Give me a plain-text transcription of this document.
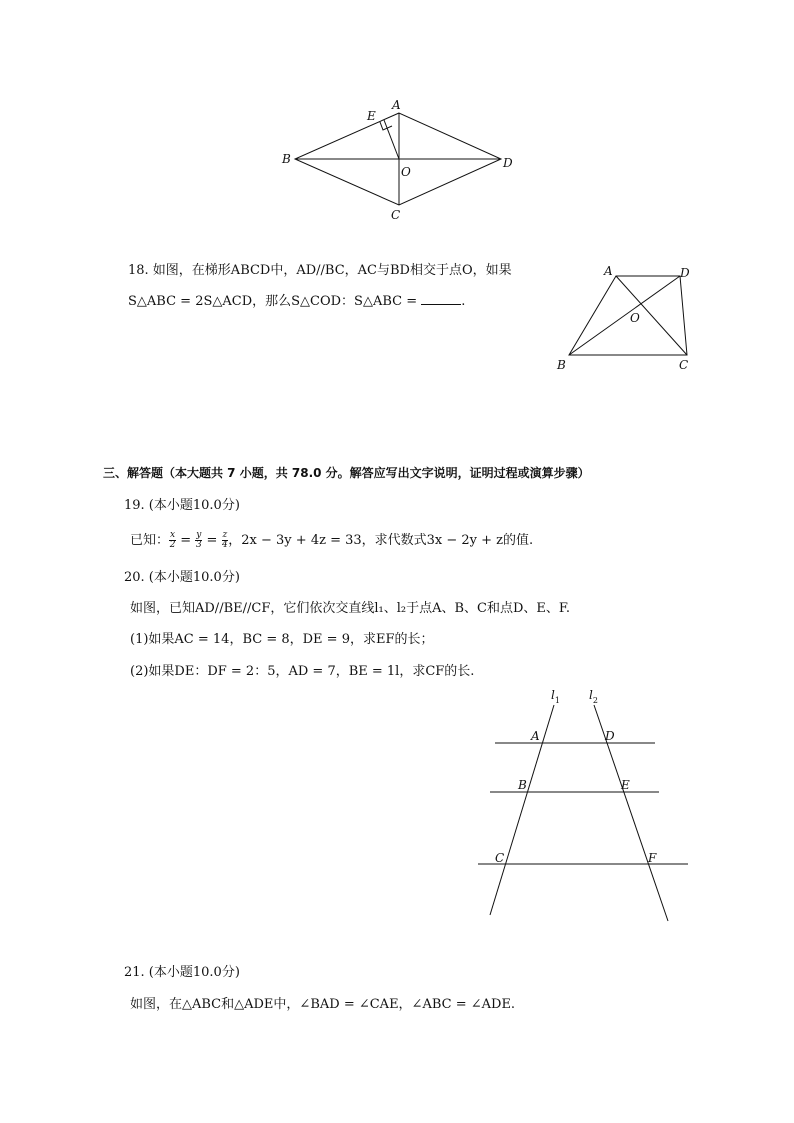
A
E
B	D
O
C
18. 如图，在梯形ABCD中，AD//BC，AC与BD相交于点O，如果
S△ABC = 2S△ACD，那么S△COD：S△ABC =	.
A	D
O
B	C
三、解答题（本大题共 7 小题，共 78.0 分。解答应写出文字说明，证明过程或演算步骤）
19. (本小题10.0分)
已知： $\frac{x}{2} = \frac{y}{3} = \frac{z}{4}$ ，2x − 3y + 4z = 33，求代数式3x − 2y + z的值.
20. (本小题10.0分)
如图，已知AD//BE//CF，它们依次交直线l₁、l₂于点A、B、C和点D、E、F.
(1)如果AC = 14，BC = 8，DE = 9，求EF的长；
(2)如果DE：DF = 2：5，AD = 7，BE = 1l，求CF的长.
$l_1$ $l_2$
A	D
B	E
C	F
21. (本小题10.0分)
如图，在△ABC和△ADE中，∠BAD = ∠CAE，∠ABC = ∠ADE.
